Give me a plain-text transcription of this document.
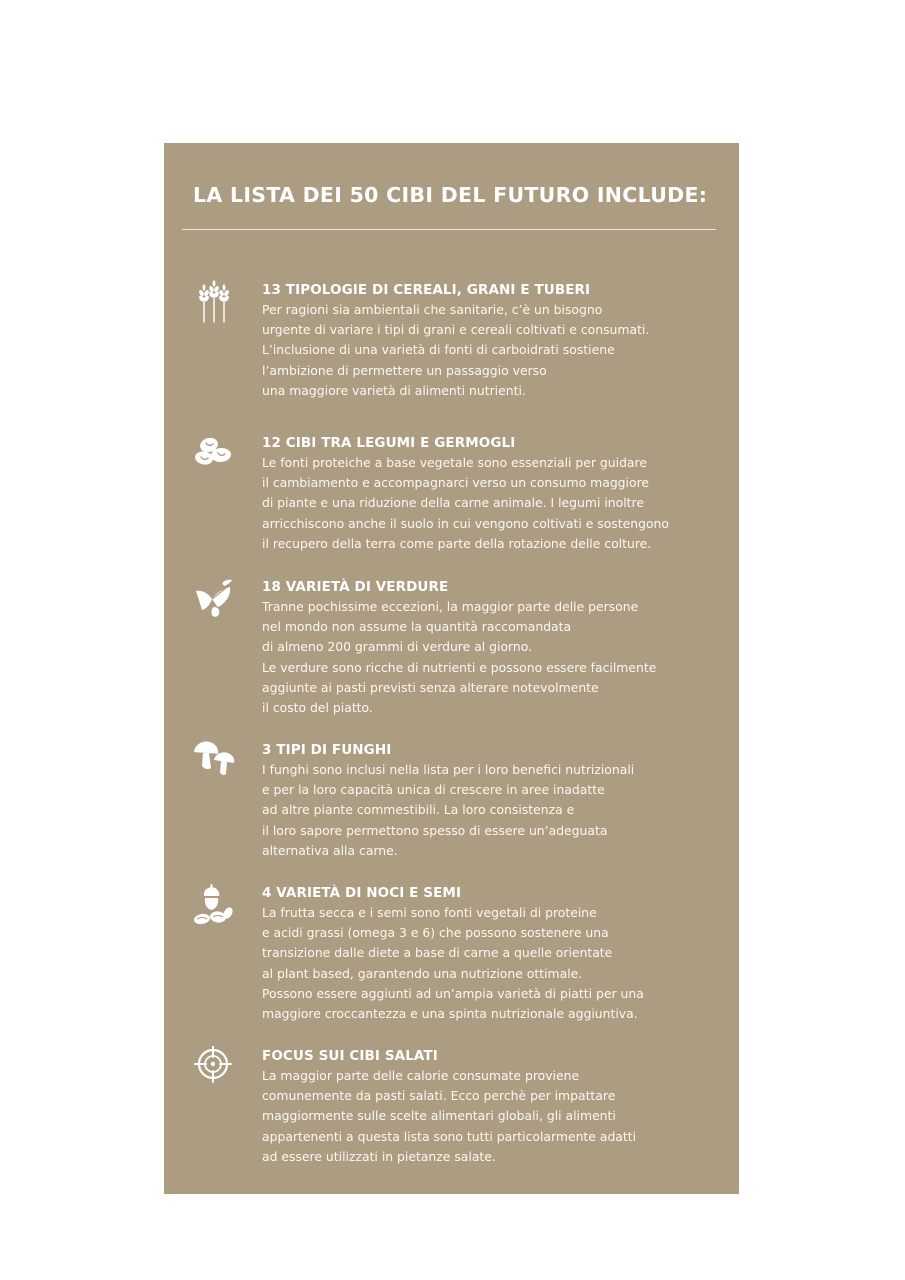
LA LISTA DEI 50 CIBI DEL FUTURO INCLUDE:
13 TIPOLOGIE DI CEREALI, GRANI E TUBERI
Per ragioni sia ambientali che sanitarie, c’è un bisogno
urgente di variare i tipi di grani e cereali coltivati e consumati.
L’inclusione di una varietà di fonti di carboidrati sostiene
l’ambizione di permettere un passaggio verso
una maggiore varietà di alimenti nutrienti.
12 CIBI TRA LEGUMI E GERMOGLI
Le fonti proteiche a base vegetale sono essenziali per guidare
il cambiamento e accompagnarci verso un consumo maggiore
di piante e una riduzione della carne animale. I legumi inoltre
arricchiscono anche il suolo in cui vengono coltivati e sostengono
il recupero della terra come parte della rotazione delle colture.
18 VARIETÀ DI VERDURE
Tranne pochissime eccezioni, la maggior parte delle persone
nel mondo non assume la quantità raccomandata
di almeno 200 grammi di verdure al giorno.
Le verdure sono ricche di nutrienti e possono essere facilmente
aggiunte ai pasti previsti senza alterare notevolmente
il costo del piatto.
3 TIPI DI FUNGHI
I funghi sono inclusi nella lista per i loro benefici nutrizionali
e per la loro capacità unica di crescere in aree inadatte
ad altre piante commestibili. La loro consistenza e
il loro sapore permettono spesso di essere un’adeguata
alternativa alla carne.
4 VARIETÀ DI NOCI E SEMI
La frutta secca e i semi sono fonti vegetali di proteine
e acidi grassi (omega 3 e 6) che possono sostenere una
transizione dalle diete a base di carne a quelle orientate
al plant based, garantendo una nutrizione ottimale.
Possono essere aggiunti ad un’ampia varietà di piatti per una
maggiore croccantezza e una spinta nutrizionale aggiuntiva.
FOCUS SUI CIBI SALATI
La maggior parte delle calorie consumate proviene
comunemente da pasti salati. Ecco perchè per impattare
maggiormente sulle scelte alimentari globali, gli alimenti
appartenenti a questa lista sono tutti particolarmente adatti
ad essere utilizzati in pietanze salate.
